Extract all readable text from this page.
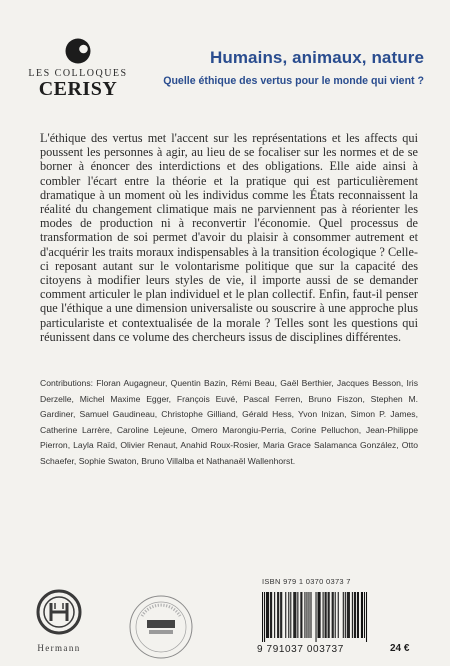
LES COLLOQUES
CERISY
Humains, animaux, nature
Quelle éthique des vertus pour le monde qui vient ?

L'éthique des vertus met l'accent sur les représentations et les affects qui poussent les personnes à agir, au lieu de se focaliser sur les normes et de se borner à énoncer des interdictions et des obligations. Elle aide ainsi à combler l'écart entre la théorie et la pratique qui est particulièrement dramatique à un moment où les individus comme les États reconnaissent la réalité du changement climatique mais ne parviennent pas à réorienter les modes de production ni à reconvertir l'économie. Quel processus de transformation de soi permet d'avoir du plaisir à consommer autrement et d'acquérir les traits moraux indispensables à la transition écologique ? Celle-ci reposant autant sur le volontarisme politique que sur la capacité des citoyens à modifier leurs styles de vie, il importe aussi de se demander comment articuler le plan individuel et le plan collectif. Enfin, faut-il penser que l'éthique a une dimension universaliste ou souscrire à une approche plus particulariste et contextualisée de la morale ? Telles sont les questions qui réunissent dans ce volume des chercheurs issus de disciplines différentes.

Contributions: Floran Augagneur, Quentin Bazin, Rémi Beau, Gaël Berthier, Jacques Besson, Iris Derzelle, Michel Maxime Egger, François Euvé, Pascal Ferren, Bruno Fiszon, Stephen M. Gardiner, Samuel Gaudineau, Christophe Gilliand, Gérald Hess, Yvon Inizan, Simon P. James, Catherine Larrère, Caroline Lejeune, Omero Marongiu-Perria, Corine Pelluchon, Jean-Philippe Pierron, Layla Raïd, Olivier Renaut, Anahid Roux-Rosier, Maria Grace Salamanca González, Otto Schaefer, Sophie Swaton, Bruno Villalba et Nathanaël Wallenhorst.

Hermann
ISBN 979 1 0370 0373 7
9 791037 003737	24 €
